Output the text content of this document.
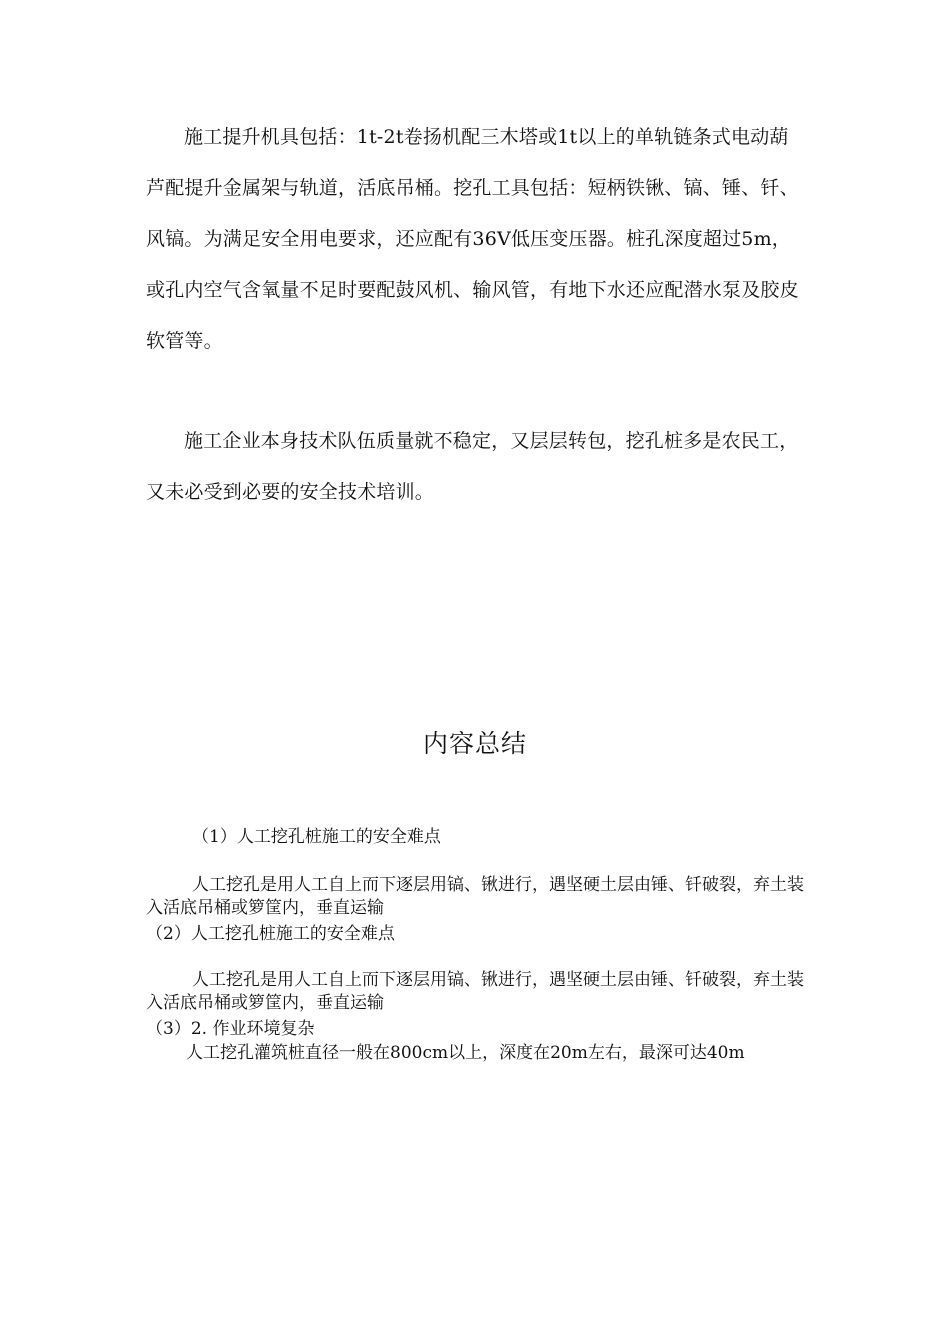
施工提升机具包括：1t-2t卷扬机配三木塔或1t以上的单轨链条式电动葫芦配提升金属架与轨道，活底吊桶。挖孔工具包括：短柄铁锹、镐、锤、钎、风镐。为满足安全用电要求，还应配有36V低压变压器。桩孔深度超过5m，或孔内空气含氧量不足时要配鼓风机、输风管，有地下水还应配潜水泵及胶皮软管等。

施工企业本身技术队伍质量就不稳定，又层层转包，挖孔桩多是农民工，又未必受到必要的安全技术培训。

内容总结

（1）人工挖孔桩施工的安全难点

人工挖孔是用人工自上而下逐层用镐、锹进行，遇坚硬土层由锤、钎破裂，弃土装入活底吊桶或箩筐内，垂直运输

（2）人工挖孔桩施工的安全难点

人工挖孔是用人工自上而下逐层用镐、锹进行，遇坚硬土层由锤、钎破裂，弃土装入活底吊桶或箩筐内，垂直运输

（3）2. 作业环境复杂

人工挖孔灌筑桩直径一般在800cm以上，深度在20m左右，最深可达40m
